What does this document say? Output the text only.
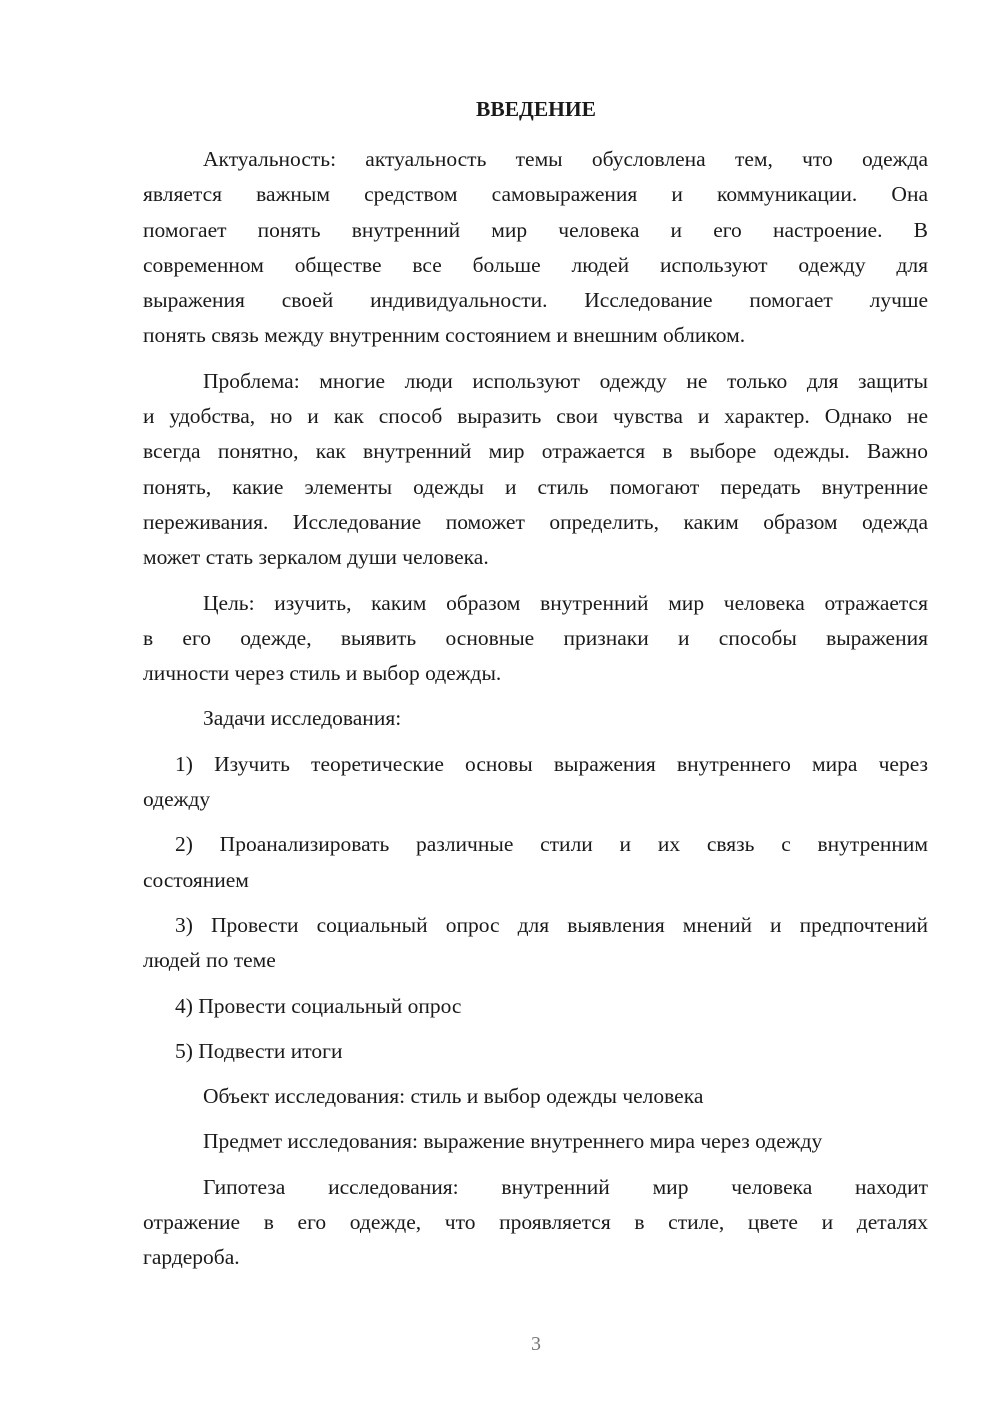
ВВЕДЕНИЕ
Актуальность: актуальность темы обусловлена тем, что одежда
является важным средством самовыражения и коммуникации. Она
помогает понять внутренний мир человека и его настроение. В
современном обществе все больше людей используют одежду для
выражения своей индивидуальности. Исследование помогает лучше
понять связь между внутренним состоянием и внешним обликом.
Проблема: многие люди используют одежду не только для защиты
и удобства, но и как способ выразить свои чувства и характер. Однако не
всегда понятно, как внутренний мир отражается в выборе одежды. Важно
понять, какие элементы одежды и стиль помогают передать внутренние
переживания. Исследование поможет определить, каким образом одежда
может стать зеркалом души человека.
Цель: изучить, каким образом внутренний мир человека отражается
в его одежде, выявить основные признаки и способы выражения
личности через стиль и выбор одежды.
Задачи исследования:
1) Изучить теоретические основы выражения внутреннего мира через
одежду
2) Проанализировать различные стили и их связь с внутренним
состоянием
3) Провести социальный опрос для выявления мнений и предпочтений
людей по теме
4) Провести социальный опрос
5) Подвести итоги
Объект исследования: стиль и выбор одежды человека
Предмет исследования: выражение внутреннего мира через одежду
Гипотеза исследования: внутренний мир человека находит
отражение в его одежде, что проявляется в стиле, цвете и деталях
гардероба.
3
